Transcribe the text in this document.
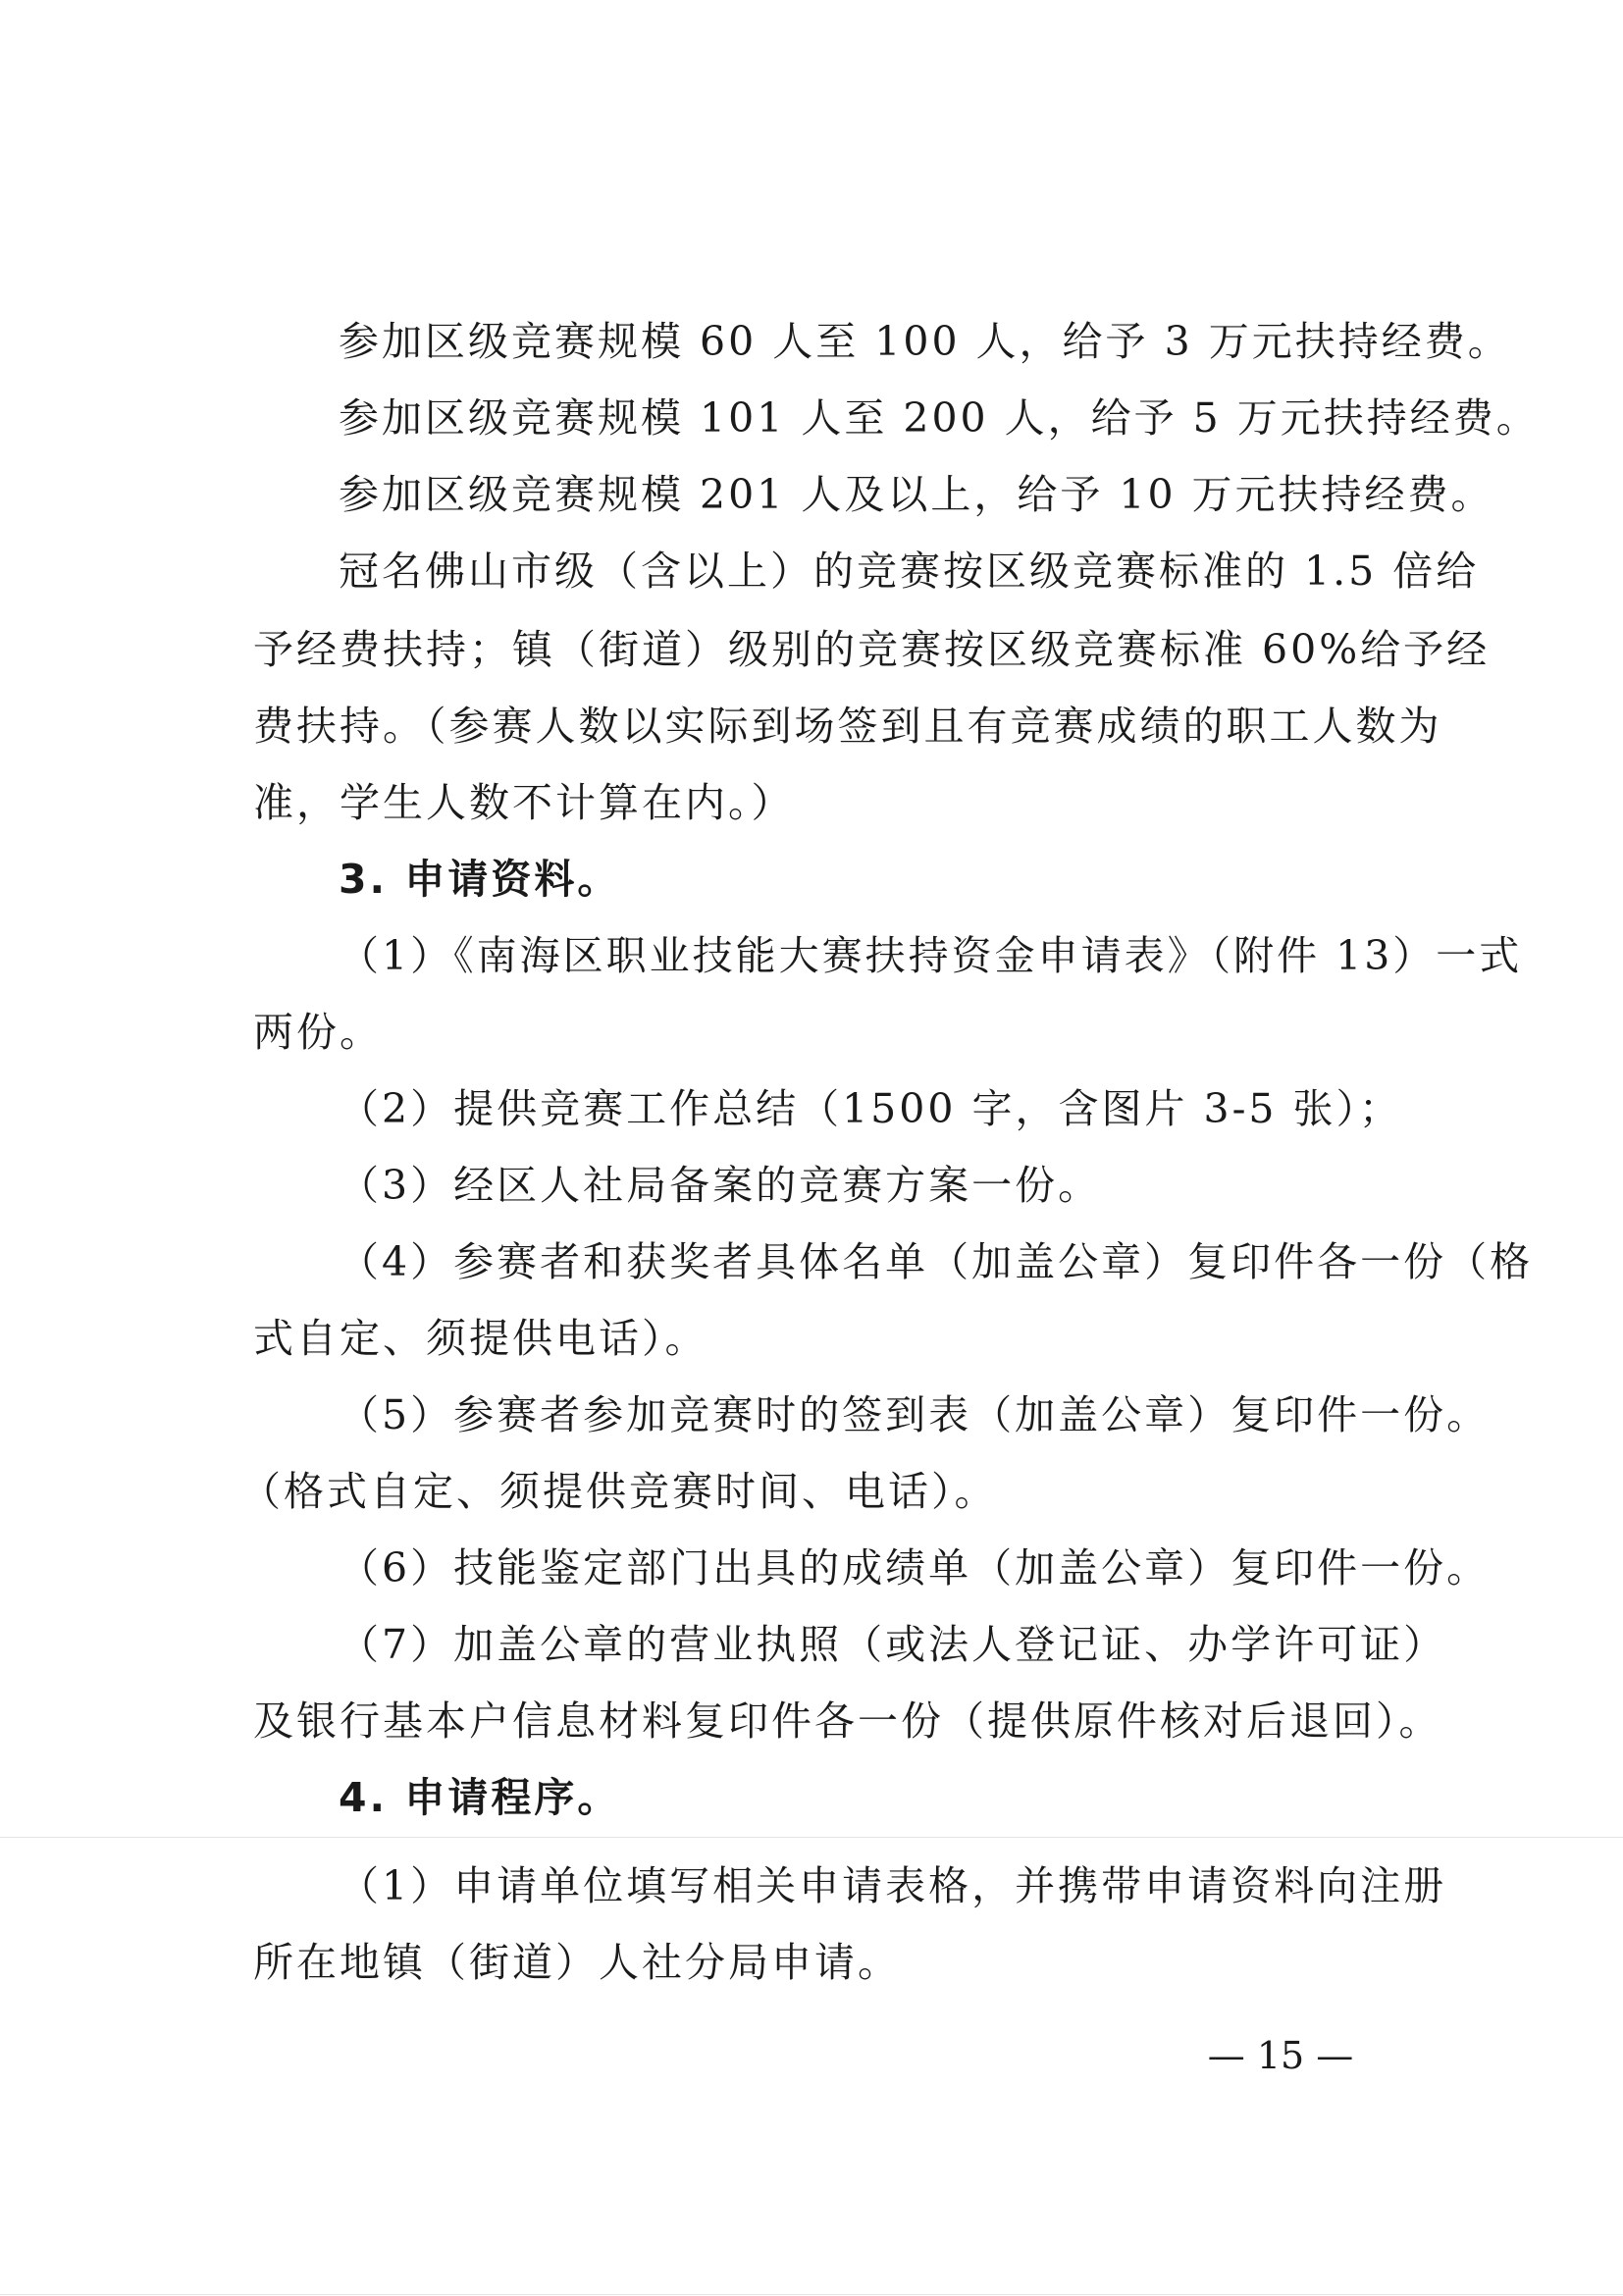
参加区级竞赛规模 60 人至 100 人，给予 3 万元扶持经费。
参加区级竞赛规模 101 人至 200 人，给予 5 万元扶持经费。
参加区级竞赛规模 201 人及以上，给予 10 万元扶持经费。
冠名佛山市级（含以上）的竞赛按区级竞赛标准的 1.5 倍给
予经费扶持；镇（街道）级别的竞赛按区级竞赛标准 60%给予经
费扶持。（参赛人数以实际到场签到且有竞赛成绩的职工人数为
准，学生人数不计算在内。）
3. 申请资料。
（1）《南海区职业技能大赛扶持资金申请表》（附件 13）一式
两份。
（2）提供竞赛工作总结（1500 字，含图片 3-5 张）；
（3）经区人社局备案的竞赛方案一份。
（4）参赛者和获奖者具体名单（加盖公章）复印件各一份（格
式自定、须提供电话）。
（5）参赛者参加竞赛时的签到表（加盖公章）复印件一份。
（格式自定、须提供竞赛时间、电话）。
（6）技能鉴定部门出具的成绩单（加盖公章）复印件一份。
（7）加盖公章的营业执照（或法人登记证、办学许可证）
及银行基本户信息材料复印件各一份（提供原件核对后退回）。
4. 申请程序。
（1）申请单位填写相关申请表格，并携带申请资料向注册
所在地镇（街道）人社分局申请。
— 15 —
